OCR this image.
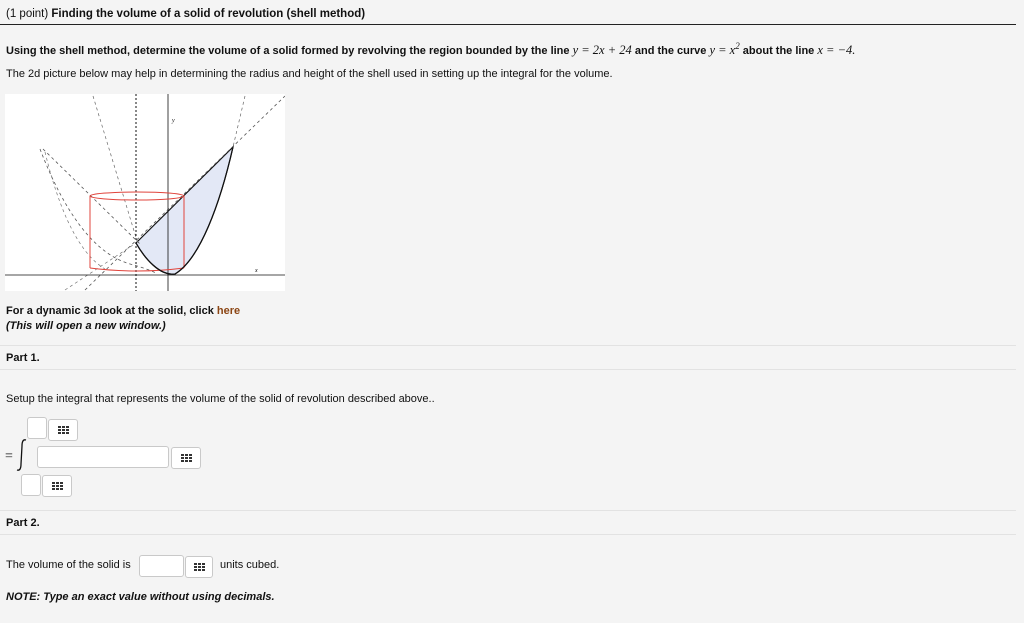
(1 point) Finding the volume of a solid of revolution (shell method)
Using the shell method, determine the volume of a solid formed by revolving the region bounded by the line y = 2x + 24 and the curve $y = x^2$ about the line x = −4.
The 2d picture below may help in determining the radius and height of the shell used in setting up the integral for the volume.
y
x
For a dynamic 3d look at the solid, click here
(This will open a new window.)
Part 1.
Setup the integral that represents the volume of the solid of revolution described above..
=
Part 2.
The volume of the solid is	units cubed.
NOTE: Type an exact value without using decimals.
